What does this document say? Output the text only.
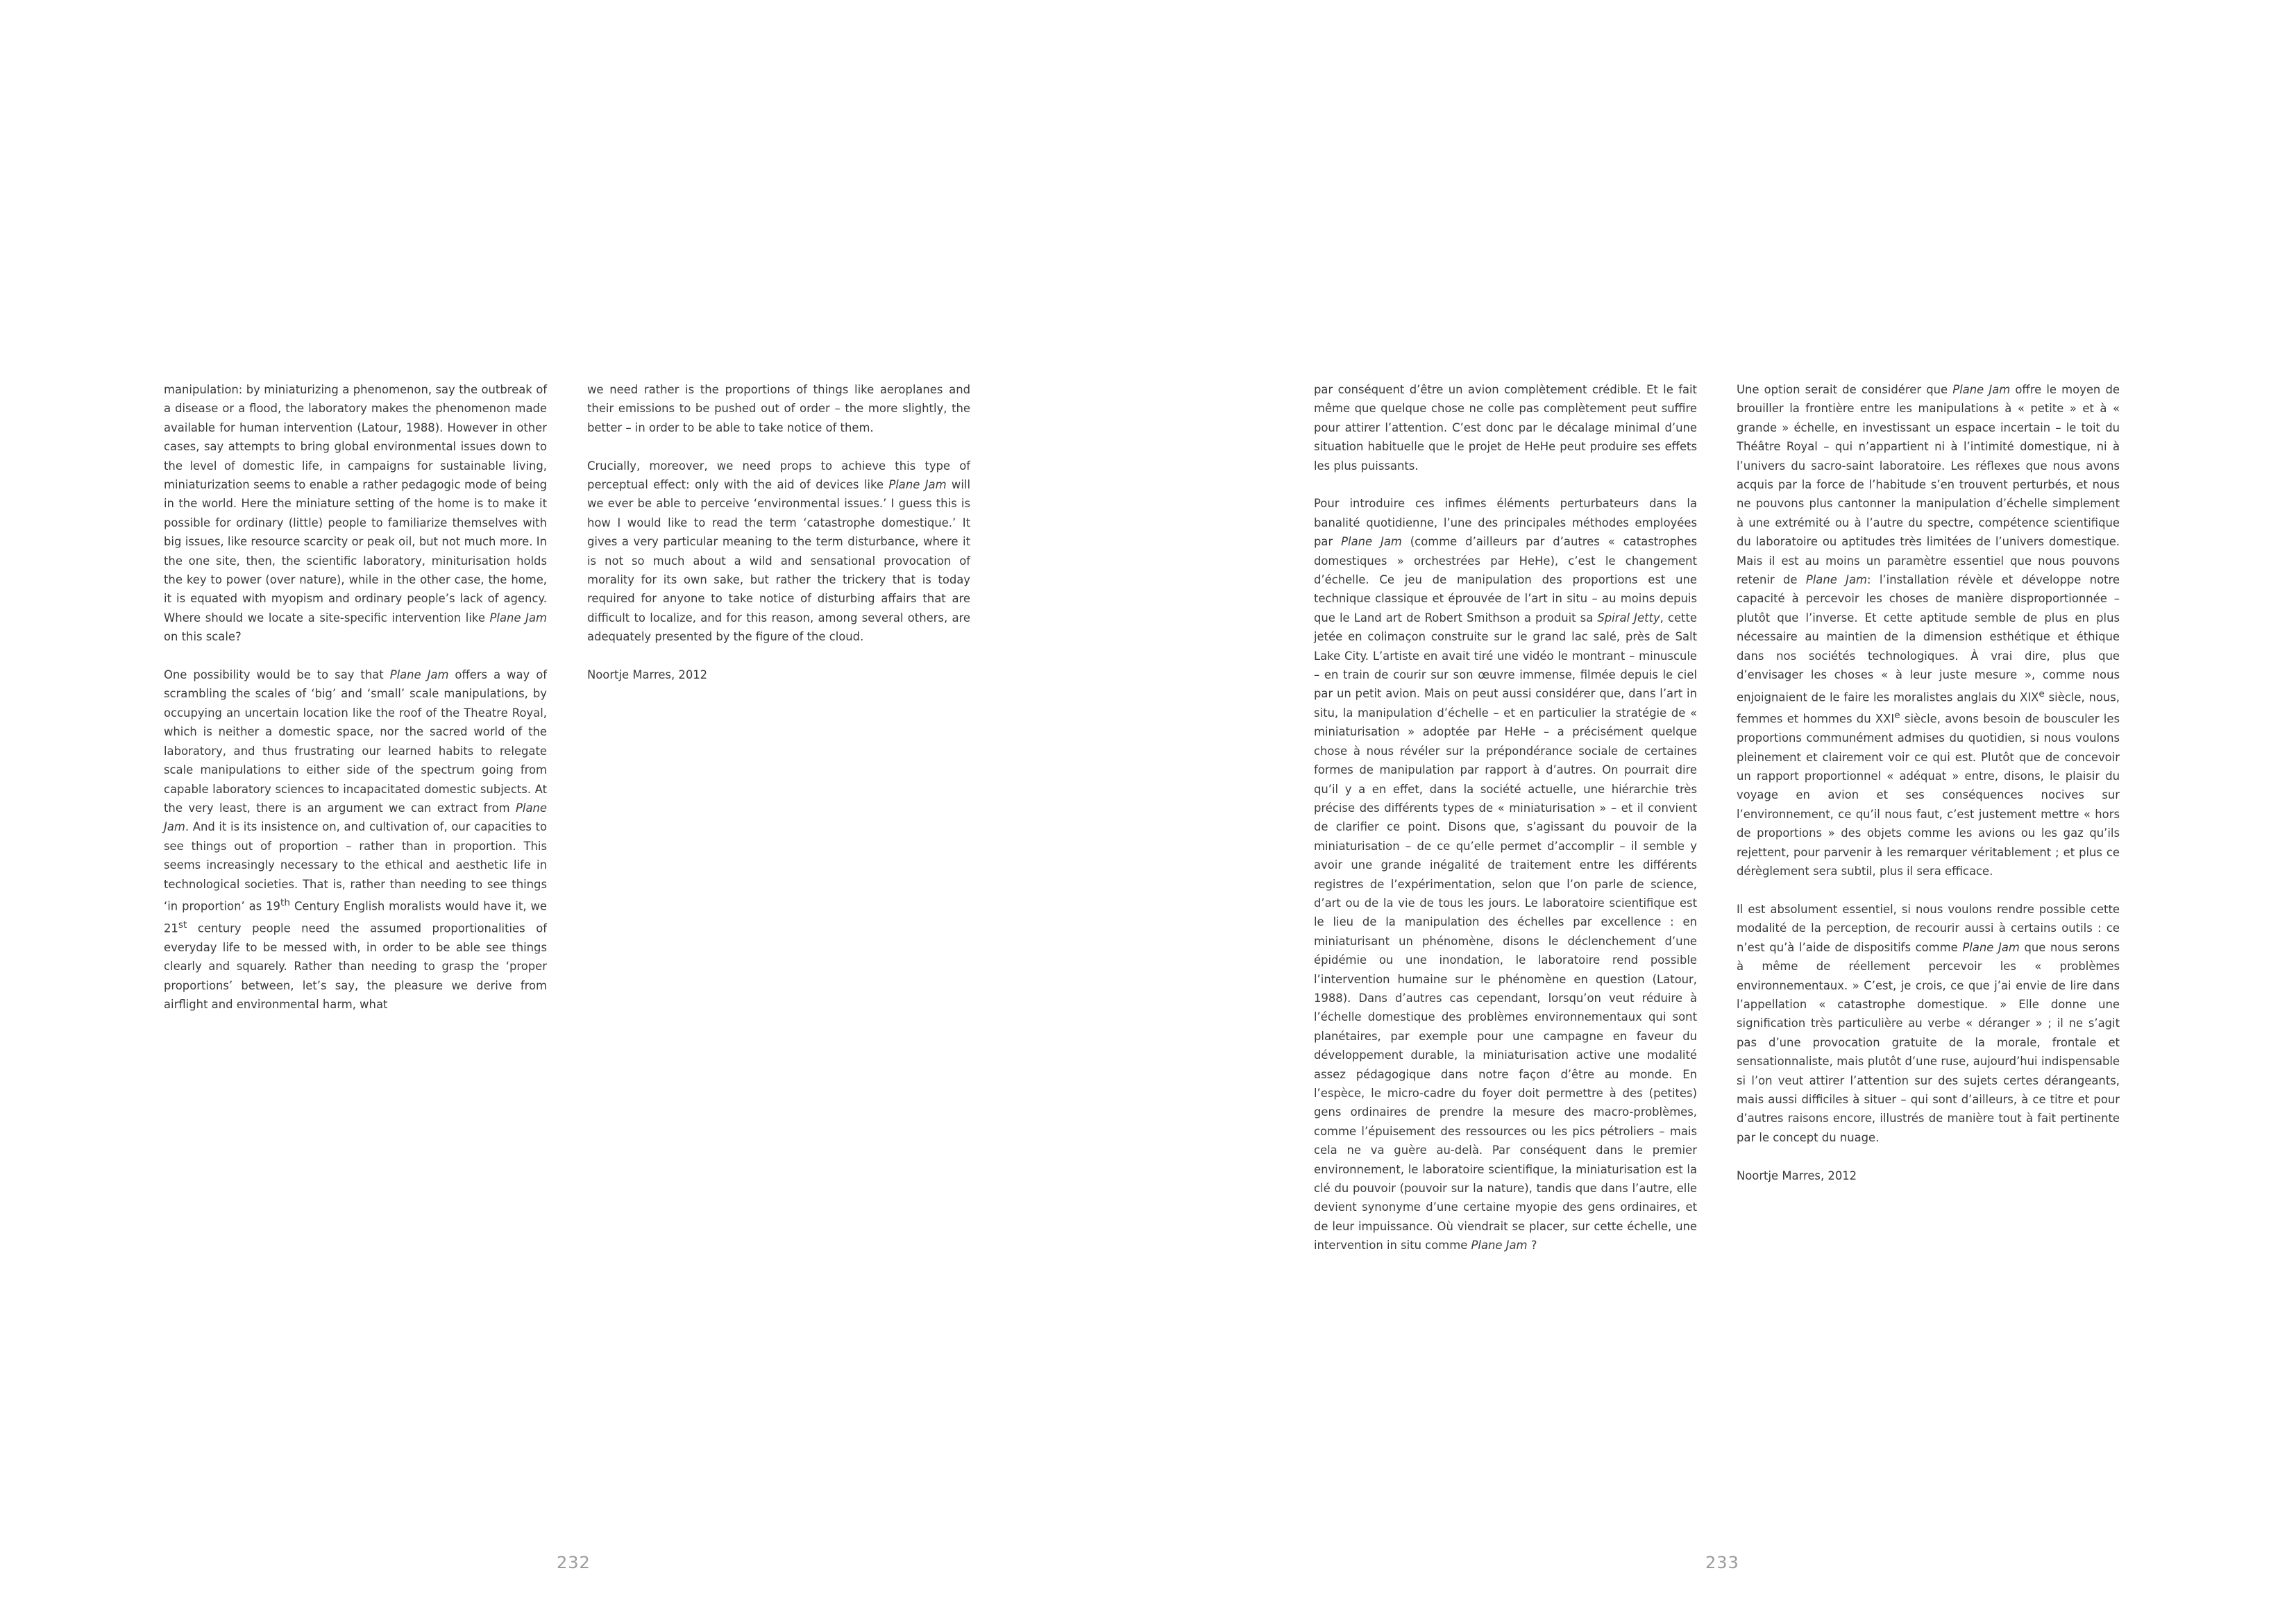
manipulation: by miniaturizing a phenomenon, say the outbreak of a disease or a flood, the laboratory makes the phenomenon made available for human intervention (Latour, 1988). However in other cases, say attempts to bring global environmental issues down to the level of domestic life, in campaigns for sustainable living, miniaturization seems to enable a rather pedagogic mode of being in the world. Here the miniature setting of the home is to make it possible for ordinary (little) people to familiarize themselves with big issues, like resource scarcity or peak oil, but not much more. In the one site, then, the scientific laboratory, miniturisation holds the key to power (over nature), while in the other case, the home, it is equated with myopism and ordinary people’s lack of agency. Where should we locate a site-specific intervention like Plane Jam on this scale?

One possibility would be to say that Plane Jam offers a way of scrambling the scales of ‘big’ and ‘small’ scale manipulations, by occupying an uncertain location like the roof of the Theatre Royal, which is neither a domestic space, nor the sacred world of the laboratory, and thus frustrating our learned habits to relegate scale manipulations to either side of the spectrum going from capable laboratory sciences to incapacitated domestic subjects. At the very least, there is an argument we can extract from Plane Jam. And it is its insistence on, and cultivation of, our capacities to see things out of proportion – rather than in proportion. This seems increasingly necessary to the ethical and aesthetic life in technological societies. That is, rather than needing to see things ‘in proportion’ as 19th Century English moralists would have it, we 21st century people need the assumed proportionalities of everyday life to be messed with, in order to be able see things clearly and squarely. Rather than needing to grasp the ‘proper proportions’ between, let’s say, the pleasure we derive from airflight and environmental harm, what

we need rather is the proportions of things like aeroplanes and their emissions to be pushed out of order – the more slightly, the better – in order to be able to take notice of them.

Crucially, moreover, we need props to achieve this type of perceptual effect: only with the aid of devices like Plane Jam will we ever be able to perceive ‘environmental issues.’ I guess this is how I would like to read the term ‘catastrophe domestique.’ It gives a very particular meaning to the term disturbance, where it is not so much about a wild and sensational provocation of morality for its own sake, but rather the trickery that is today required for anyone to take notice of disturbing affairs that are difficult to localize, and for this reason, among several others, are adequately presented by the figure of the cloud.

Noortje Marres, 2012

par conséquent d’être un avion complètement crédible. Et le fait même que quelque chose ne colle pas complètement peut suffire pour attirer l’attention. C’est donc par le décalage minimal d’une situation habituelle que le projet de HeHe peut produire ses effets les plus puissants.

Pour introduire ces infimes éléments perturbateurs dans la banalité quotidienne, l’une des principales méthodes employées par Plane Jam (comme d’ailleurs par d’autres « catastrophes domestiques » orchestrées par HeHe), c’est le changement d’échelle. Ce jeu de manipulation des proportions est une technique classique et éprouvée de l’art in situ – au moins depuis que le Land art de Robert Smithson a produit sa Spiral Jetty, cette jetée en colimaçon construite sur le grand lac salé, près de Salt Lake City. L’artiste en avait tiré une vidéo le montrant – minuscule – en train de courir sur son œuvre immense, filmée depuis le ciel par un petit avion. Mais on peut aussi considérer que, dans l’art in situ, la manipulation d’échelle – et en particulier la stratégie de « miniaturisation » adoptée par HeHe – a précisément quelque chose à nous révéler sur la prépondérance sociale de certaines formes de manipulation par rapport à d’autres. On pourrait dire qu’il y a en effet, dans la société actuelle, une hiérarchie très précise des différents types de « miniaturisation » – et il convient de clarifier ce point. Disons que, s’agissant du pouvoir de la miniaturisation – de ce qu’elle permet d’accomplir – il semble y avoir une grande inégalité de traitement entre les différents registres de l’expérimentation, selon que l’on parle de science, d’art ou de la vie de tous les jours. Le laboratoire scientifique est le lieu de la manipulation des échelles par excellence : en miniaturisant un phénomène, disons le déclenchement d’une épidémie ou une inondation, le laboratoire rend possible l’intervention humaine sur le phénomène en question (Latour, 1988). Dans d’autres cas cependant, lorsqu’on veut réduire à l’échelle domestique des problèmes environnementaux qui sont planétaires, par exemple pour une campagne en faveur du développement durable, la miniaturisation active une modalité assez pédagogique dans notre façon d’être au monde. En l’espèce, le micro-cadre du foyer doit permettre à des (petites) gens ordinaires de prendre la mesure des macro-problèmes, comme l’épuisement des ressources ou les pics pétroliers – mais cela ne va guère au-delà. Par conséquent dans le premier environnement, le laboratoire scientifique, la miniaturisation est la clé du pouvoir (pouvoir sur la nature), tandis que dans l’autre, elle devient synonyme d’une certaine myopie des gens ordinaires, et de leur impuissance. Où viendrait se placer, sur cette échelle, une intervention in situ comme Plane Jam ?

Une option serait de considérer que Plane Jam offre le moyen de brouiller la frontière entre les manipulations à « petite » et à « grande » échelle, en investissant un espace incertain – le toit du Théâtre Royal – qui n’appartient ni à l’intimité domestique, ni à l’univers du sacro-saint laboratoire. Les réflexes que nous avons acquis par la force de l’habitude s’en trouvent perturbés, et nous ne pouvons plus cantonner la manipulation d’échelle simplement à une extrémité ou à l’autre du spectre, compétence scientifique du laboratoire ou aptitudes très limitées de l’univers domestique. Mais il est au moins un paramètre essentiel que nous pouvons retenir de Plane Jam: l’installation révèle et développe notre capacité à percevoir les choses de manière disproportionnée – plutôt que l’inverse. Et cette aptitude semble de plus en plus nécessaire au maintien de la dimension esthétique et éthique dans nos sociétés technologiques. À vrai dire, plus que d’envisager les choses « à leur juste mesure », comme nous enjoignaient de le faire les moralistes anglais du XIXe siècle, nous, femmes et hommes du XXIe siècle, avons besoin de bousculer les proportions communément admises du quotidien, si nous voulons pleinement et clairement voir ce qui est. Plutôt que de concevoir un rapport proportionnel « adéquat » entre, disons, le plaisir du voyage en avion et ses conséquences nocives sur l’environnement, ce qu’il nous faut, c’est justement mettre « hors de proportions » des objets comme les avions ou les gaz qu’ils rejettent, pour parvenir à les remarquer véritablement ; et plus ce dérèglement sera subtil, plus il sera efficace.

Il est absolument essentiel, si nous voulons rendre possible cette modalité de la perception, de recourir aussi à certains outils : ce n’est qu’à l’aide de dispositifs comme Plane Jam que nous serons à même de réellement percevoir les « problèmes environnementaux. » C’est, je crois, ce que j’ai envie de lire dans l’appellation « catastrophe domestique. » Elle donne une signification très particulière au verbe « déranger » ; il ne s’agit pas d’une provocation gratuite de la morale, frontale et sensationnaliste, mais plutôt d’une ruse, aujourd’hui indispensable si l’on veut attirer l’attention sur des sujets certes dérangeants, mais aussi difficiles à situer – qui sont d’ailleurs, à ce titre et pour d’autres raisons encore, illustrés de manière tout à fait pertinente par le concept du nuage.

Noortje Marres, 2012

232	233
